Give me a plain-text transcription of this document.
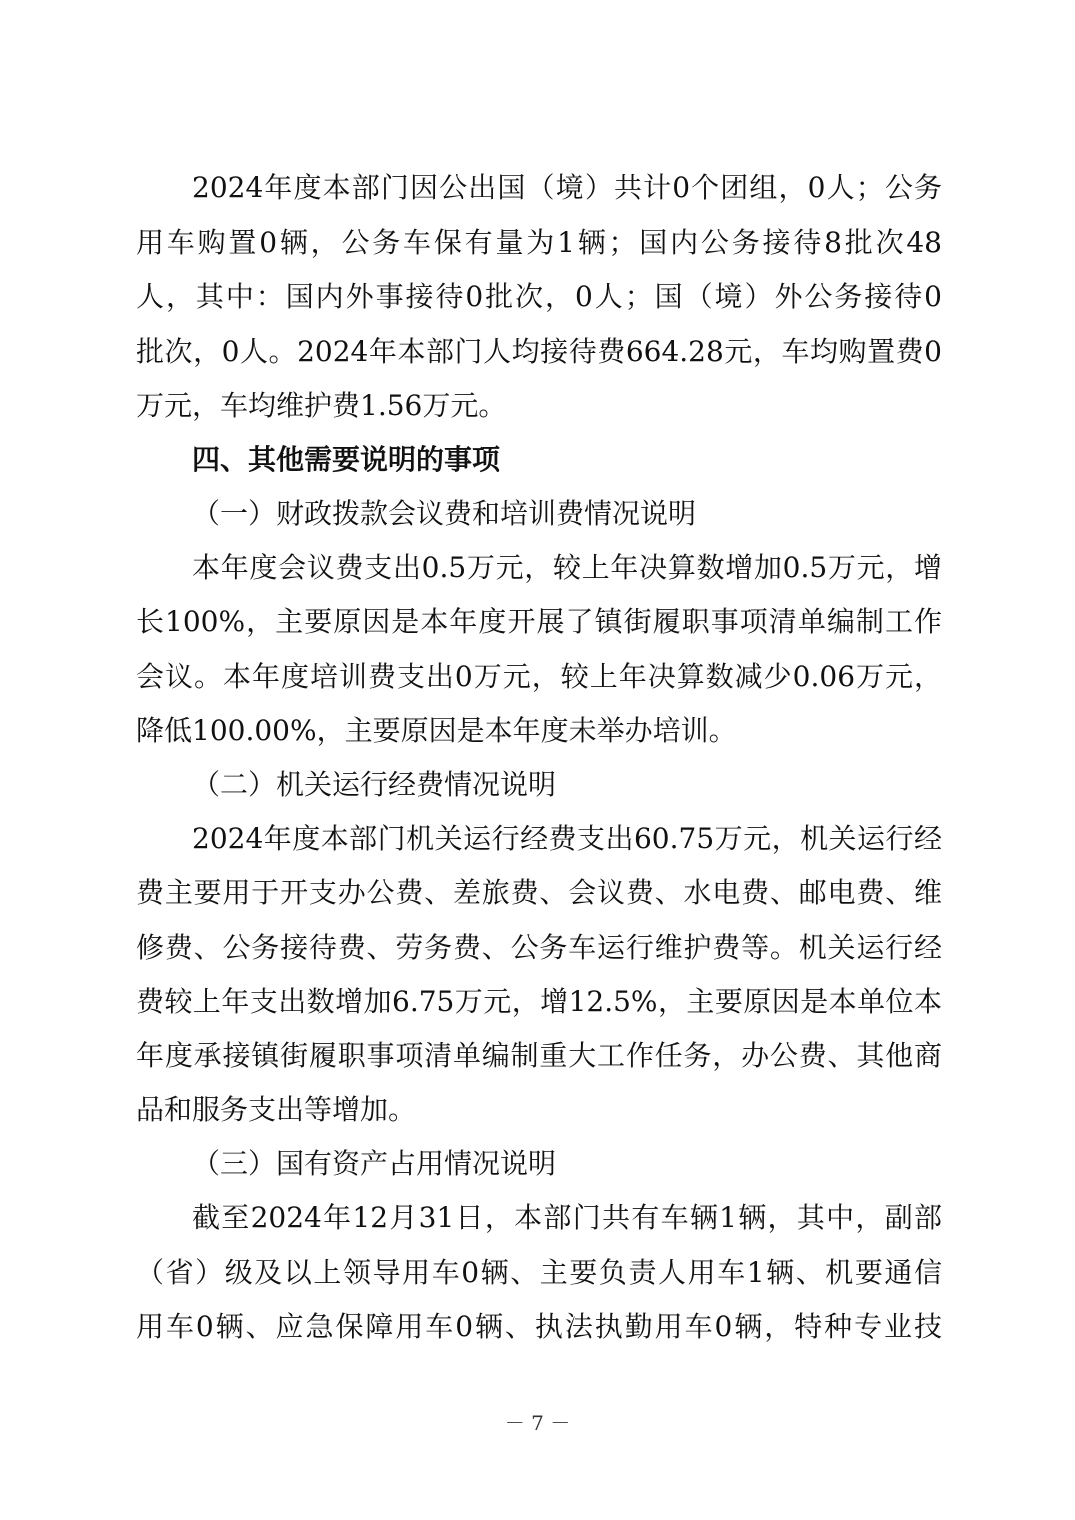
2024年度本部门因公出国（境）共计0个团组，0人；公务
用车购置0辆，公务车保有量为1辆；国内公务接待8批次48
人，其中：国内外事接待0批次，0人；国（境）外公务接待0
批次，0人。2024年本部门人均接待费664.28元，车均购置费0
万元，车均维护费1.56万元。
四、其他需要说明的事项
（一）财政拨款会议费和培训费情况说明
本年度会议费支出0.5万元，较上年决算数增加0.5万元，增
长100%，主要原因是本年度开展了镇街履职事项清单编制工作
会议。本年度培训费支出0万元，较上年决算数减少0.06万元，
降低100.00%，主要原因是本年度未举办培训。
（二）机关运行经费情况说明
2024年度本部门机关运行经费支出60.75万元，机关运行经
费主要用于开支办公费、差旅费、会议费、水电费、邮电费、维
修费、公务接待费、劳务费、公务车运行维护费等。机关运行经
费较上年支出数增加6.75万元，增12.5%，主要原因是本单位本
年度承接镇街履职事项清单编制重大工作任务，办公费、其他商
品和服务支出等增加。
（三）国有资产占用情况说明
截至2024年12月31日，本部门共有车辆1辆，其中，副部
（省）级及以上领导用车0辆、主要负责人用车1辆、机要通信
用车0辆、应急保障用车0辆、执法执勤用车0辆，特种专业技
－ 7 －
